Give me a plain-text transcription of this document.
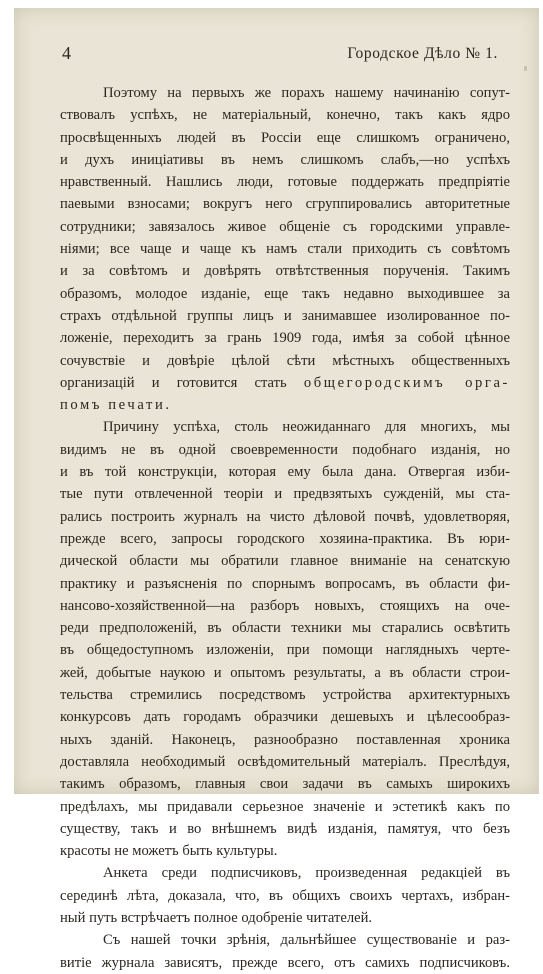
4	Городское Дѣло № 1.
Поэтому на первыхъ же порахъ нашему начинанію сопут-
ствовалъ успѣхъ, не матеріальный, конечно, такъ какъ ядро
просвѣщенныхъ людей въ Россіи еще слишкомъ ограничено,
и духъ иниціативы въ немъ слишкомъ слабъ,—но успѣхъ
нравственный. Нашлись люди, готовые поддержать предпріятіе
паевыми взносами; вокругъ него сгруппировались авторитетные
сотрудники; завязалось живое общеніе съ городскими управле-
ніями; все чаще и чаще къ намъ стали приходить съ совѣтомъ
и за совѣтомъ и довѣрять отвѣтственныя порученія. Такимъ
образомъ, молодое изданіе, еще такъ недавно выходившее за
страхъ отдѣльной группы лицъ и занимавшее изолированное по-
ложеніе, переходитъ за грань 1909 года, имѣя за собой цѣнное
сочувствіе и довѣріе цѣлой сѣти мѣстныхъ общественныхъ
организацій и готовится стать общегородскимъ орга-
помъ печати.
Причину успѣха, столь неожиданнаго для многихъ, мы
видимъ не въ одной своевременности подобнаго изданія, но
и въ той конструкціи, которая ему была дана. Отвергая изби-
тые пути отвлеченной теоріи и предвзятыхъ сужденій, мы ста-
рались построить журналъ на чисто дѣловой почвѣ, удовлетворяя,
прежде всего, запросы городского хозяина-практика. Въ юри-
дической области мы обратили главное вниманіе на сенатскую
практику и разъясненія по спорнымъ вопросамъ, въ области фи-
нансово-хозяйственной—на разборъ новыхъ, стоящихъ на оче-
реди предположеній, въ области техники мы старались освѣтить
въ общедоступномъ изложеніи, при помощи наглядныхъ черте-
жей, добытые наукою и опытомъ результаты, а въ области строи-
тельства стремились посредствомъ устройства архитектурныхъ
конкурсовъ дать городамъ образчики дешевыхъ и цѣлесообраз-
ныхъ зданій. Наконецъ, разнообразно поставленная хроника
доставляла необходимый освѣдомительный матеріалъ. Преслѣдуя,
такимъ образомъ, главныя свои задачи въ самыхъ широкихъ
предѣлахъ, мы придавали серьезное значеніе и эстетикѣ какъ по
существу, такъ и во внѣшнемъ видѣ изданія, памятуя, что безъ
красоты не можетъ быть культуры.
Анкета среди подписчиковъ, произведенная редакціей въ
серединѣ лѣта, доказала, что, въ общихъ своихъ чертахъ, избран-
ный путь встрѣчаетъ полное одобреніе читателей.
Съ нашей точки зрѣнія, дальнѣйшее существованіе и раз-
витіе журнала зависятъ, прежде всего, отъ самихъ подписчиковъ.
